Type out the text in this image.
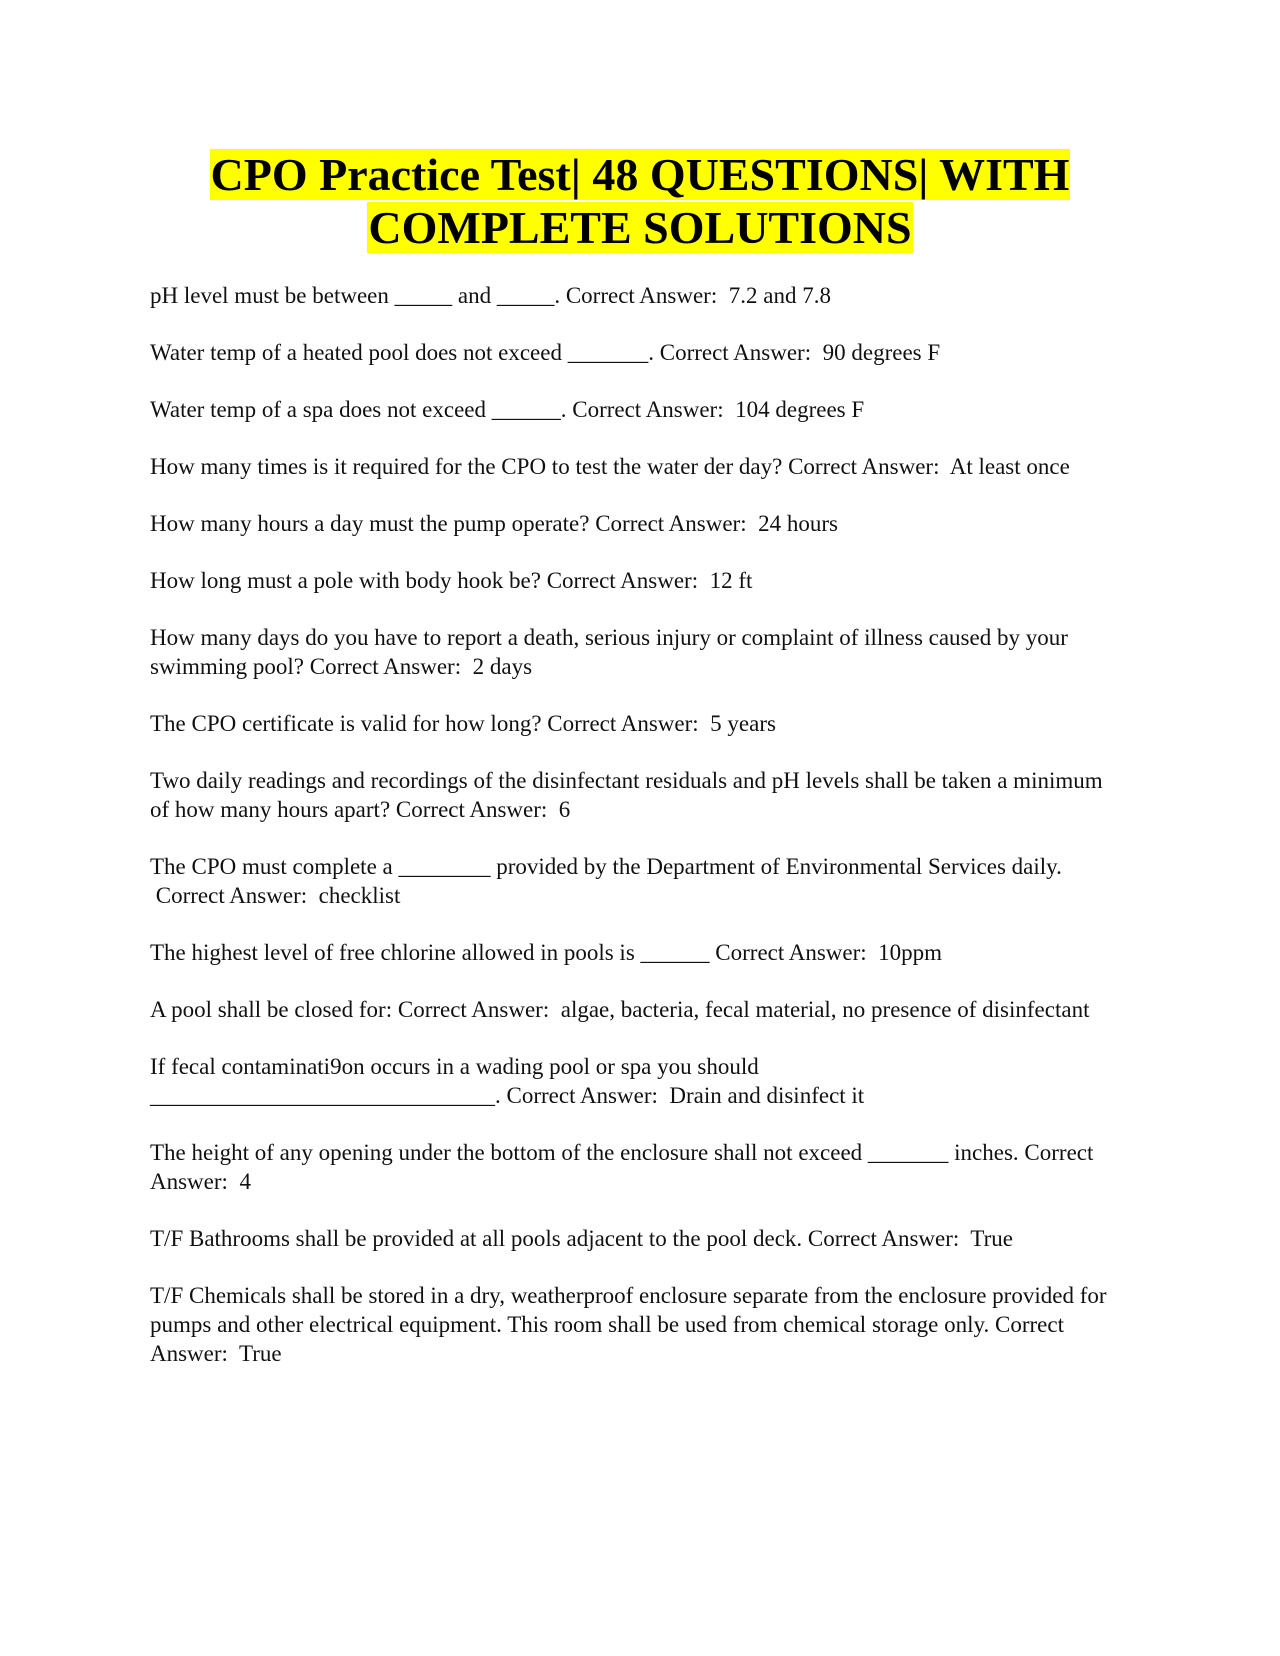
CPO Practice Test| 48 QUESTIONS| WITH
COMPLETE SOLUTIONS
pH level must be between _____ and _____. Correct Answer: 7.2 and 7.8
Water temp of a heated pool does not exceed _______. Correct Answer: 90 degrees F
Water temp of a spa does not exceed ______. Correct Answer: 104 degrees F
How many times is it required for the CPO to test the water der day? Correct Answer: At least once
How many hours a day must the pump operate? Correct Answer: 24 hours
How long must a pole with body hook be? Correct Answer: 12 ft
How many days do you have to report a death, serious injury or complaint of illness caused by your swimming pool? Correct Answer: 2 days
The CPO certificate is valid for how long? Correct Answer: 5 years
Two daily readings and recordings of the disinfectant residuals and pH levels shall be taken a minimum of how many hours apart? Correct Answer: 6
The CPO must complete a ________ provided by the Department of Environmental Services daily. Correct Answer: checklist
The highest level of free chlorine allowed in pools is ______ Correct Answer: 10ppm
A pool shall be closed for: Correct Answer: algae, bacteria, fecal material, no presence of disinfectant
If fecal contaminati9on occurs in a wading pool or spa you should ______________________________. Correct Answer: Drain and disinfect it
The height of any opening under the bottom of the enclosure shall not exceed _______ inches. Correct Answer: 4
T/F Bathrooms shall be provided at all pools adjacent to the pool deck. Correct Answer: True
T/F Chemicals shall be stored in a dry, weatherproof enclosure separate from the enclosure provided for pumps and other electrical equipment. This room shall be used from chemical storage only. Correct Answer: True
